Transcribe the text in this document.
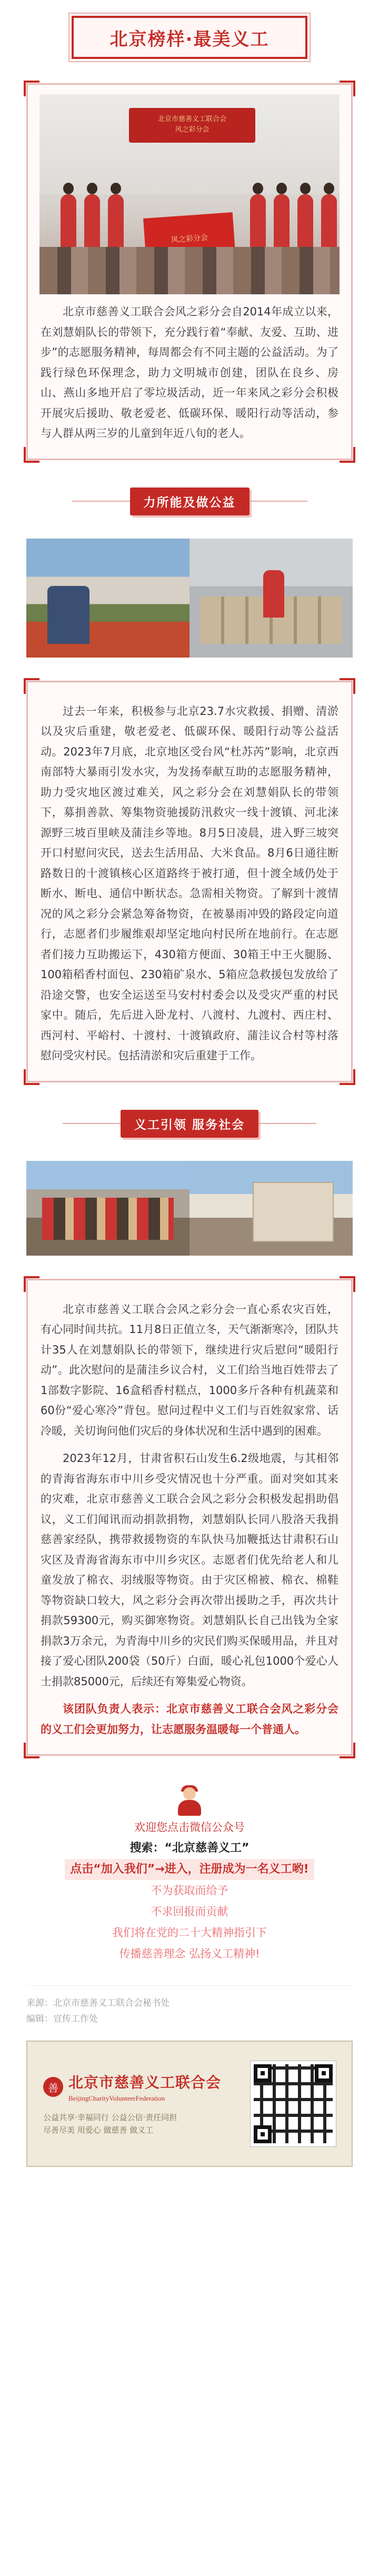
北京榜样·最美义工
北京市慈善义工联合会
风之彩分会
风之彩分会

北京市慈善义工联合会风之彩分会自2014年成立以来，在刘慧娟队长的带领下，充分践行着“奉献、友爱、互助、进步”的志愿服务精神，每周都会有不同主题的公益活动。为了践行绿色环保理念，助力文明城市创建，团队在良乡、房山、燕山多地开启了零垃圾活动，近一年来风之彩分会积极开展灾后援助、敬老爱老、低碳环保、暖阳行动等活动，参与人群从两三岁的儿童到年近八旬的老人。

力所能及做公益

过去一年来，积极参与北京23.7水灾救援、捐赠、清淤以及灾后重建，敬老爱老、低碳环保、暖阳行动等公益活动。2023年7月底，北京地区受台风“杜苏芮”影响，北京西南部特大暴雨引发水灾，为发扬奉献互助的志愿服务精神，助力受灾地区渡过难关，风之彩分会在刘慧娟队长的带领下，募捐善款、筹集物资驰援防汛救灾一线十渡镇、河北涞源野三坡百里峡及蒲洼乡等地。8月5日凌晨，进入野三坡突开口村慰问灾民，送去生活用品、大米食品。8月6日通往断路数日的十渡镇核心区道路终于被打通，但十渡全域仍处于断水、断电、通信中断状态。急需相关物资。了解到十渡情况的风之彩分会紧急筹备物资，在被暴雨冲毁的路段定向道行，志愿者们步履维艰却坚定地向村民所在地前行。在志愿者们接力互助搬运下，430箱方便面、30箱王中王火腿肠、100箱稻香村面包、230箱矿泉水、5箱应急救援包发放给了沿途交警，也安全运送至马安村村委会以及受灾严重的村民家中。随后，先后进入卧龙村、八渡村、九渡村、西庄村、西河村、平峪村、十渡村、十渡镇政府、蒲洼议合村等村落慰问受灾村民。包括清淤和灾后重建于工作。

义工引领 服务社会

北京市慈善义工联合会风之彩分会一直心系农灾百姓，有心同时间共抗。11月8日正值立冬，天气渐渐寒冷，团队共计35人在刘慧娟队长的带领下，继续进行灾后慰问“暖阳行动”。此次慰问的是蒲洼乡议合村，义工们给当地百姓带去了1部数字影院、16盒稻香村糕点，1000多斤各种有机蔬菜和60份“爱心寒冷”背包。慰问过程中义工们与百姓叙家常、话冷暖，关切询问他们灾后的身体状况和生活中遇到的困难。

2023年12月，甘肃省积石山发生6.2级地震，与其相邻的青海省海东市中川乡受灾情况也十分严重。面对突如其来的灾难，北京市慈善义工联合会风之彩分会积极发起捐助倡议，义工们闻讯而动捐款捐物，刘慧娟队长同八股洛天我捐慈善家经队，携带救援物资的车队快马加鞭抵达甘肃积石山灾区及青海省海东市中川乡灾区。志愿者们优先给老人和儿童发放了棉衣、羽绒服等物资。由于灾区棉被、棉衣、棉鞋等物资缺口较大，风之彩分会再次带出援助之手，再次共计捐款59300元，购买御寒物资。刘慧娟队长自己出钱为全家捐款3万余元，为青海中川乡的灾民们购买保暖用品，并且对接了爱心团队200袋（50斤）白面，暖心礼包1000个爱心人士捐款85000元，后续还有筹集爱心物资。

该团队负责人表示：北京市慈善义工联合会风之彩分会的义工们会更加努力，让志愿服务温暖每一个普通人。

欢迎您点击微信公众号
搜索：“北京慈善义工”
点击“加入我们”→进入，注册成为一名义工哟!
不为获取而给予
不求回报而贡献
我们将在党的二十大精神指引下
传播慈善理念 弘扬义工精神!
来源：北京市慈善义工联合会秘书处
编辑：宣传工作处
善 北京市慈善义工联合会
BeijingCharityVolunteerFederation
公益共享·幸福同行 公益公信·责任同担
尽善尽美 用爱心 做慈善 做义工
